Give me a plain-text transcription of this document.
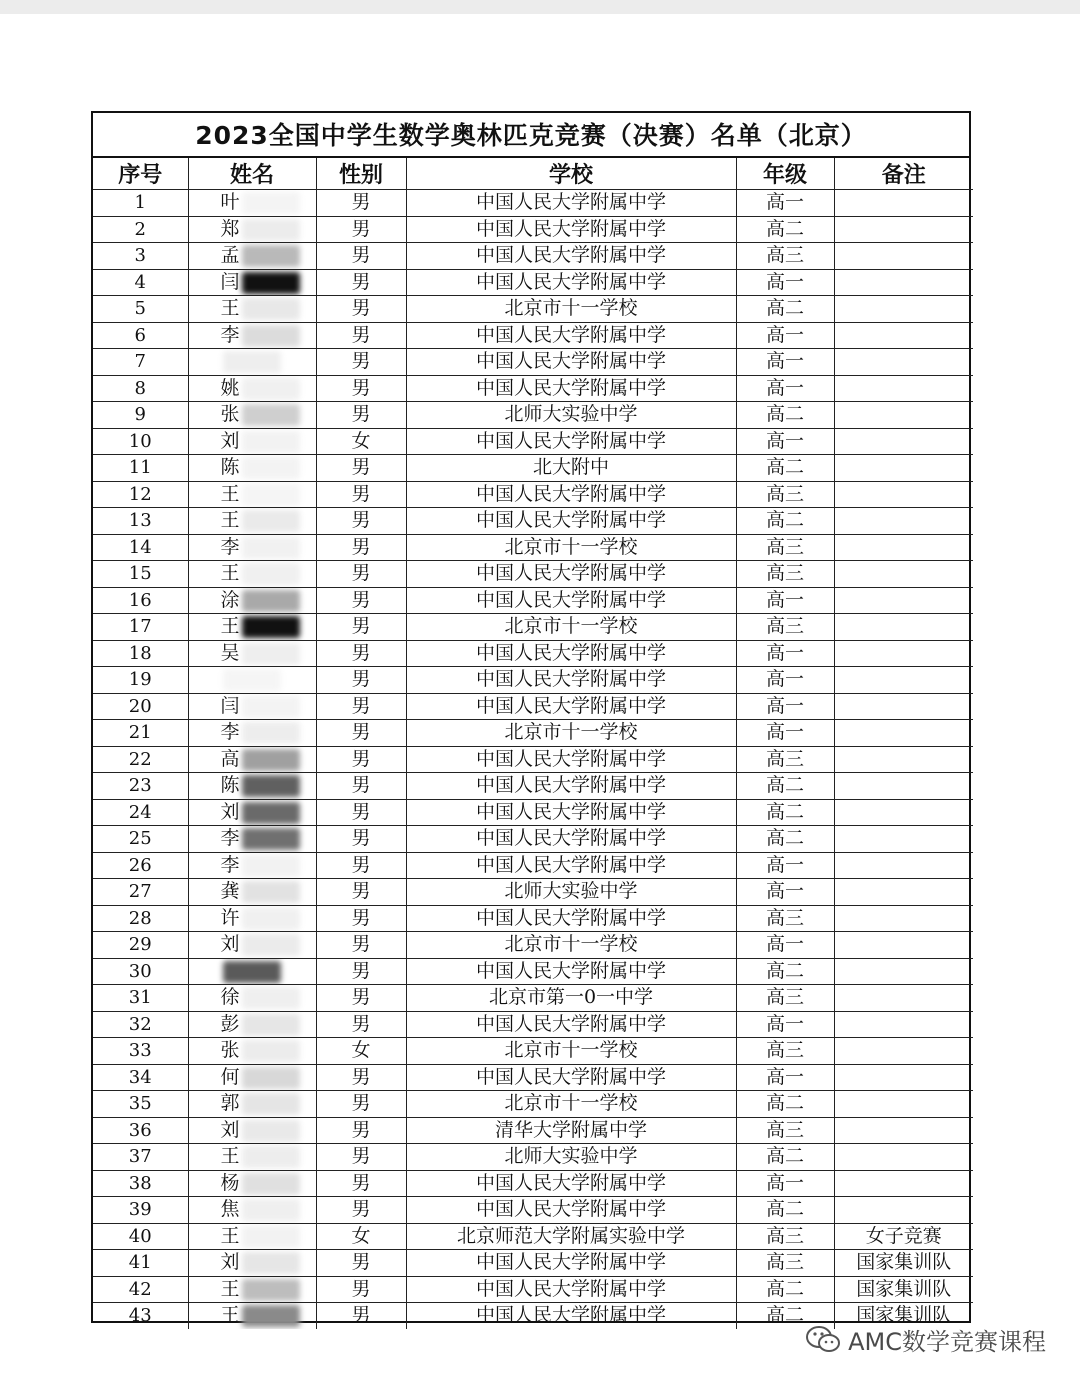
2023全国中学生数学奥林匹克竞赛（决赛）名单（北京）
序号	姓名	性别	学校	年级	备注
1	叶	男	中国人民大学附属中学	高一	
2	郑	男	中国人民大学附属中学	高二	
3	孟	男	中国人民大学附属中学	高三	
4	闫	男	中国人民大学附属中学	高一	
5	王	男	北京市十一学校	高二	
6	李	男	中国人民大学附属中学	高一	
7		男	中国人民大学附属中学	高一	
8	姚	男	中国人民大学附属中学	高一	
9	张	男	北师大实验中学	高二	
10	刘	女	中国人民大学附属中学	高一	
11	陈	男	北大附中	高二	
12	王	男	中国人民大学附属中学	高三	
13	王	男	中国人民大学附属中学	高二	
14	李	男	北京市十一学校	高三	
15	王	男	中国人民大学附属中学	高三	
16	涂	男	中国人民大学附属中学	高一	
17	王	男	北京市十一学校	高三	
18	吴	男	中国人民大学附属中学	高一	
19		男	中国人民大学附属中学	高一	
20	闫	男	中国人民大学附属中学	高一	
21	李	男	北京市十一学校	高一	
22	高	男	中国人民大学附属中学	高三	
23	陈	男	中国人民大学附属中学	高二	
24	刘	男	中国人民大学附属中学	高二	
25	李	男	中国人民大学附属中学	高二	
26	李	男	中国人民大学附属中学	高一	
27	龚	男	北师大实验中学	高一	
28	许	男	中国人民大学附属中学	高三	
29	刘	男	北京市十一学校	高一	
30		男	中国人民大学附属中学	高二	
31	徐	男	北京市第一0一中学	高三	
32	彭	男	中国人民大学附属中学	高一	
33	张	女	北京市十一学校	高三	
34	何	男	中国人民大学附属中学	高一	
35	郭	男	北京市十一学校	高二	
36	刘	男	清华大学附属中学	高三	
37	王	男	北师大实验中学	高二	
38	杨	男	中国人民大学附属中学	高一	
39	焦	男	中国人民大学附属中学	高二	
40	王	女	北京师范大学附属实验中学	高三	女子竞赛
41	刘	男	中国人民大学附属中学	高三	国家集训队
42	王	男	中国人民大学附属中学	高二	国家集训队
43	王	男	中国人民大学附属中学	高二	国家集训队
AMC数学竞赛课程
